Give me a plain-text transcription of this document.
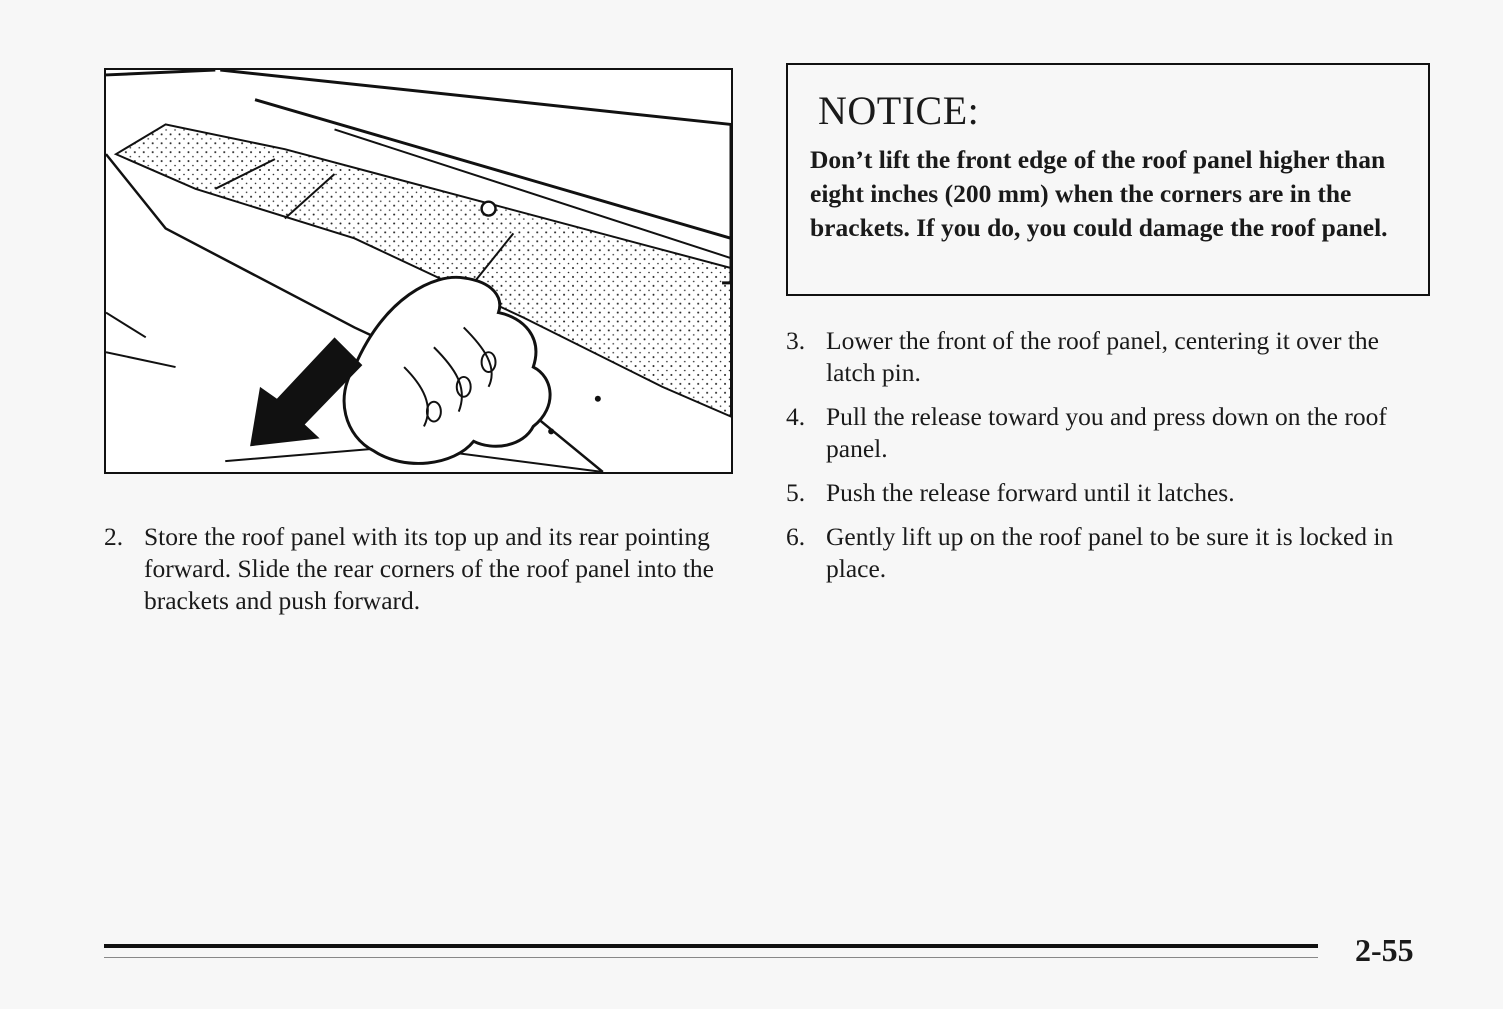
2. Store the roof panel with its top up and its rear pointing forward. Slide the rear corners of the roof panel into the brackets and push forward.
NOTICE:
Don’t lift the front edge of the roof panel higher than eight inches (200 mm) when the corners are in the brackets. If you do, you could damage the roof panel.
3. Lower the front of the roof panel, centering it over the latch pin.
4. Pull the release toward you and press down on the roof panel.
5. Push the release forward until it latches.
6. Gently lift up on the roof panel to be sure it is locked in place.
2-55
